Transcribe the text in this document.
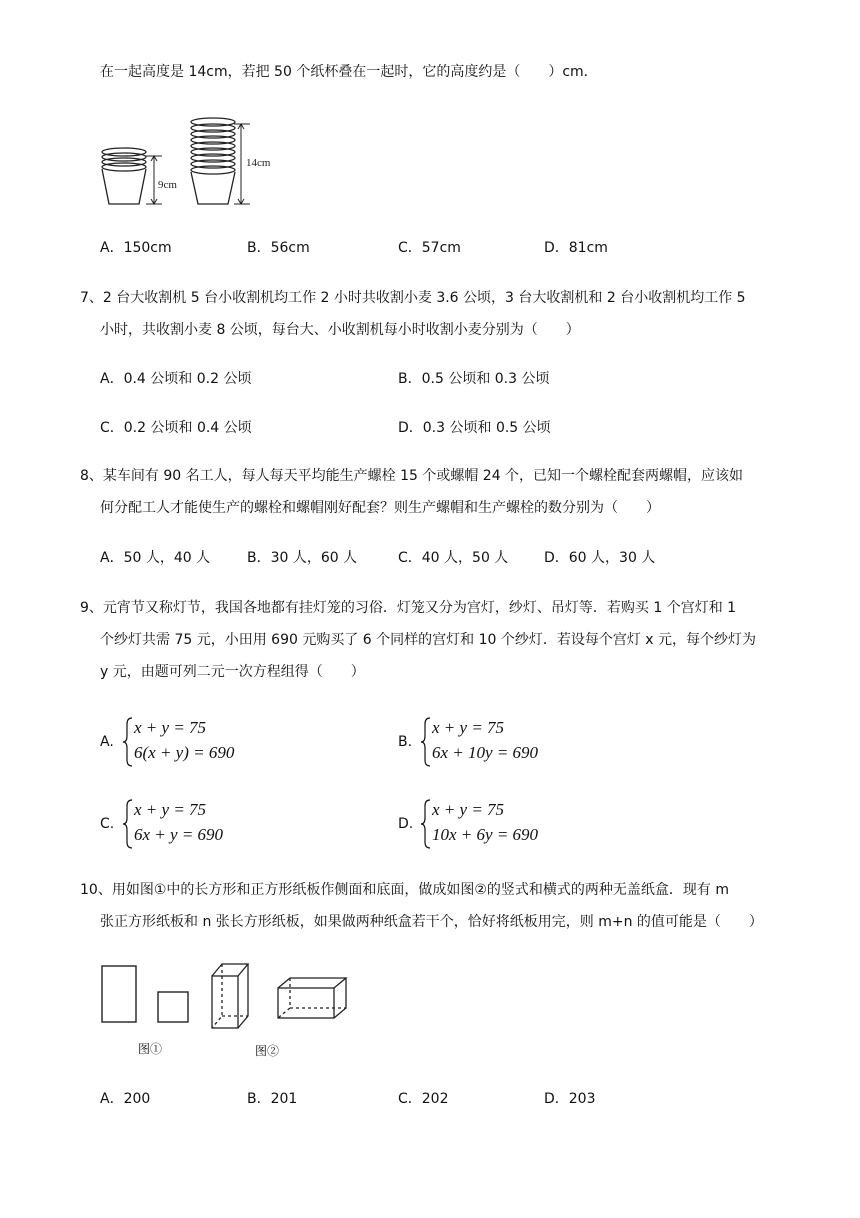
在一起高度是 14cm，若把 50 个纸杯叠在一起时，它的高度约是（　　）cm．
9cm
14cm
A．150cm	B．56cm	C．57cm	D．81cm
7、2 台大收割机 5 台小收割机均工作 2 小时共收割小麦 3.6 公顷，3 台大收割机和 2 台小收割机均工作 5
小时，共收割小麦 8 公顷，每台大、小收割机每小时收割小麦分别为（　　）
A．0.4 公顷和 0.2 公顷	B．0.5 公顷和 0.3 公顷
C．0.2 公顷和 0.4 公顷	D．0.3 公顷和 0.5 公顷
8、某车间有 90 名工人，每人每天平均能生产螺栓 15 个或螺帽 24 个，已知一个螺栓配套两螺帽，应该如
何分配工人才能使生产的螺栓和螺帽刚好配套？则生产螺帽和生产螺栓的数分别为（　　）
A．50 人，40 人	B．30 人，60 人	C．40 人，50 人	D．60 人，30 人
9、元宵节又称灯节，我国各地都有挂灯笼的习俗．灯笼又分为宫灯，纱灯、吊灯等．若购买 1 个宫灯和 1
个纱灯共需 75 元，小田用 690 元购买了 6 个同样的宫灯和 10 个纱灯．若设每个宫灯 x 元，每个纱灯为
y 元，由题可列二元一次方程组得（　　）
A.
x + y = 75
6(x + y) = 690
B.
x + y = 75
6x + 10y = 690
C.
x + y = 75
6x + y = 690
D.
x + y = 75
10x + 6y = 690
10、用如图①中的长方形和正方形纸板作侧面和底面，做成如图②的竖式和横式的两种无盖纸盒．现有 m
张正方形纸板和 n 张长方形纸板，如果做两种纸盒若干个，恰好将纸板用完，则 m+n 的值可能是（　　）
图①	图②
A．200	B．201	C．202	D．203
